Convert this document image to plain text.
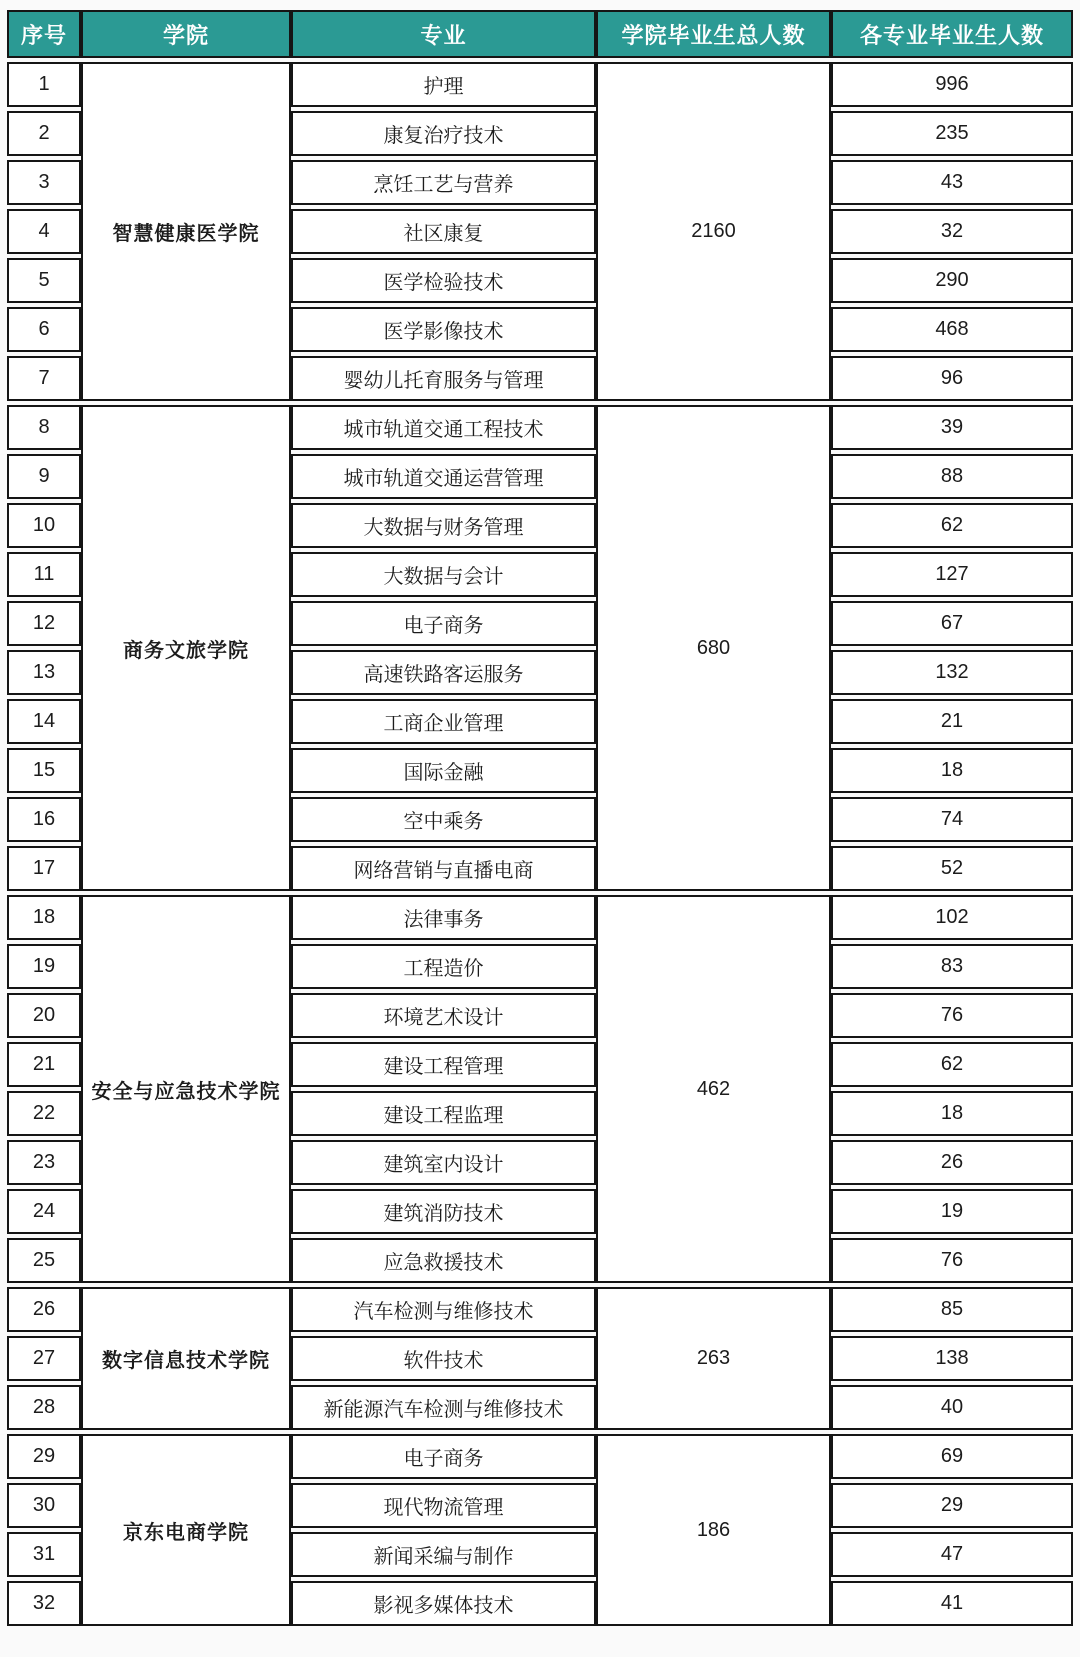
序号	学院	专业	学院毕业生总人数	各专业毕业生人数
1	智慧健康医学院	护理	2160	996
2		康复治疗技术		235
3		烹饪工艺与营养		43
4		社区康复		32
5		医学检验技术		290
6		医学影像技术		468
7		婴幼儿托育服务与管理		96
8	商务文旅学院	城市轨道交通工程技术	680	39
9		城市轨道交通运营管理		88
10		大数据与财务管理		62
11		大数据与会计		127
12		电子商务		67
13		高速铁路客运服务		132
14		工商企业管理		21
15		国际金融		18
16		空中乘务		74
17		网络营销与直播电商		52
18	安全与应急技术学院	法律事务	462	102
19		工程造价		83
20		环境艺术设计		76
21		建设工程管理		62
22		建设工程监理		18
23		建筑室内设计		26
24		建筑消防技术		19
25		应急救援技术		76
26	数字信息技术学院	汽车检测与维修技术	263	85
27		软件技术		138
28		新能源汽车检测与维修技术		40
29	京东电商学院	电子商务	186	69
30		现代物流管理		29
31		新闻采编与制作		47
32		影视多媒体技术		41
